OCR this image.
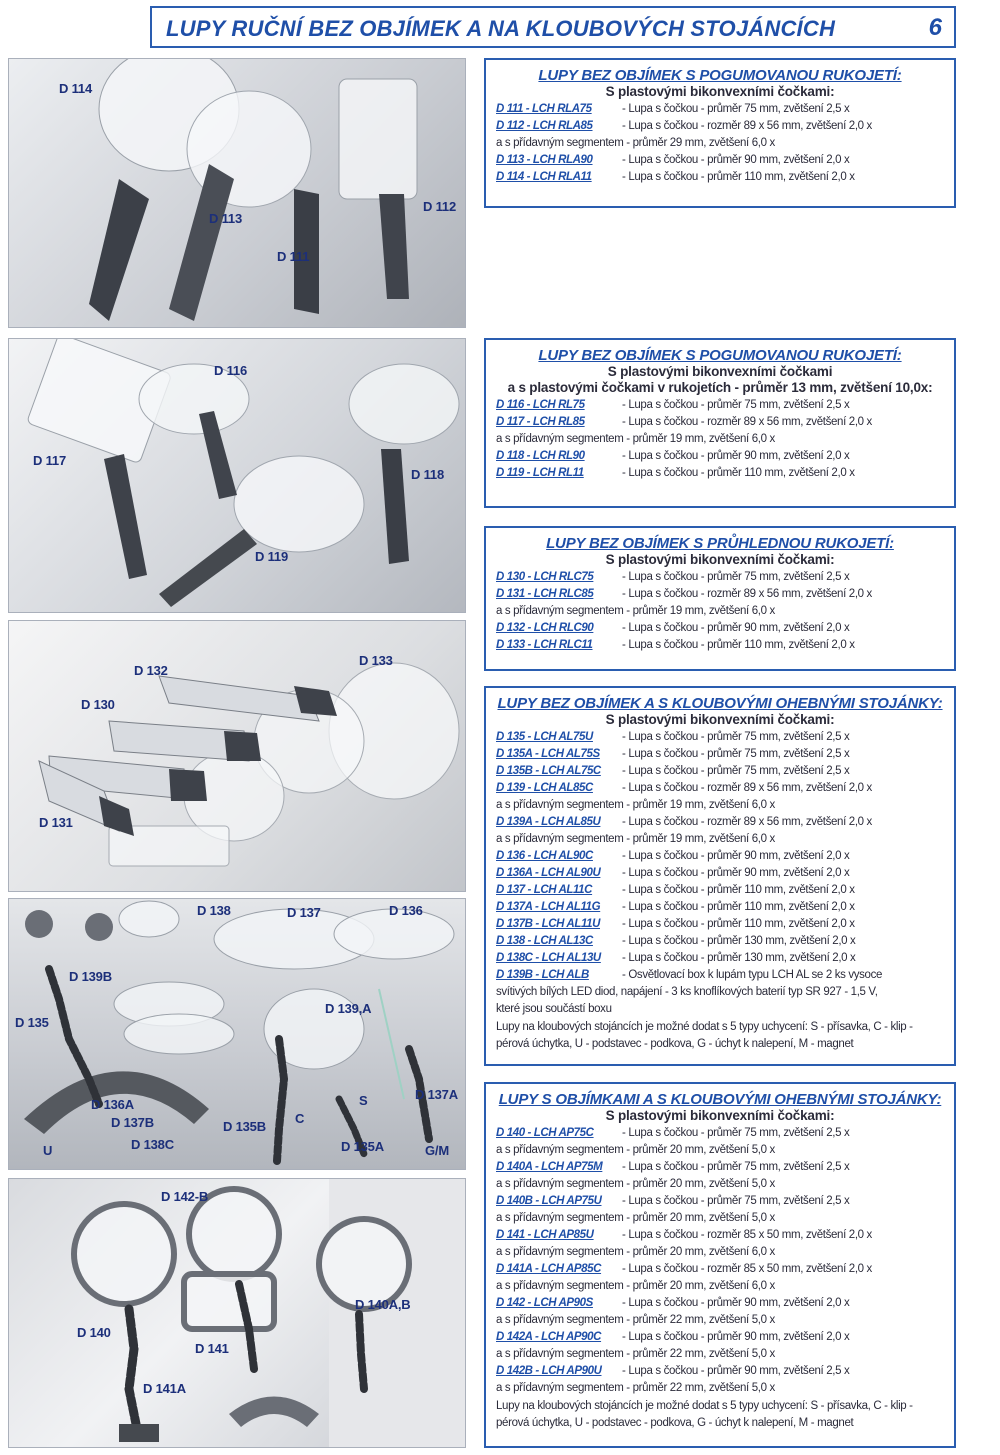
LUPY RUČNÍ BEZ OBJÍMEK A NA KLOUBOVÝCH STOJÁNCÍCH	6
D 114
D 113
D 111
D 112
D 116
D 117
D 118
D 119
D 132
D 133
D 130
D 131
D 138	D 137	D 136
D 139B
D 135
D 139,A
S	D 137A
D 136A
D 137B
D 138C
D 135B
C
D 135A	G/M
U
D 142-B
D 140A,B
D 140
D 141
D 141A
LUPY BEZ OBJÍMEK S POGUMOVANOU RUKOJETÍ:
S plastovými bikonvexními čočkami:
D 111 - LCH RLA75	- Lupa s čočkou - průměr 75 mm, zvětšení 2,5 x
D 112 - LCH RLA85	- Lupa s čočkou - rozměr 89 x 56 mm, zvětšení 2,0 x
a s přídavným segmentem - průměr 29 mm, zvětšení 6,0 x
D 113 - LCH RLA90	- Lupa s čočkou - průměr 90 mm, zvětšení 2,0 x
D 114 - LCH RLA11	- Lupa s čočkou - průměr 110 mm, zvětšení 2,0 x
LUPY BEZ OBJÍMEK S POGUMOVANOU RUKOJETÍ:
S plastovými bikonvexními čočkami
a s plastovými čočkami v rukojetích - průměr 13 mm, zvětšení 10,0x:
D 116 - LCH RL75	- Lupa s čočkou - průměr 75 mm, zvětšení 2,5 x
D 117 - LCH RL85	- Lupa s čočkou - rozměr 89 x 56 mm, zvětšení 2,0 x
a s přídavným segmentem - průměr 19 mm, zvětšení 6,0 x
D 118 - LCH RL90	- Lupa s čočkou - průměr 90 mm, zvětšení 2,0 x
D 119 - LCH RL11	- Lupa s čočkou - průměr 110 mm, zvětšení 2,0 x
LUPY BEZ OBJÍMEK S PRŮHLEDNOU RUKOJETÍ:
S plastovými bikonvexními čočkami:
D 130 - LCH RLC75 - Lupa s čočkou - průměr 75 mm, zvětšení 2,5 x
D 131 - LCH RLC85 - Lupa s čočkou - rozměr 89 x 56 mm, zvětšení 2,0 x
a s přídavným segmentem - průměr 19 mm, zvětšení 6,0 x
D 132 - LCH RLC90 - Lupa s čočkou - průměr 90 mm, zvětšení 2,0 x
D 133 - LCH RLC11	- Lupa s čočkou - průměr 110 mm, zvětšení 2,0 x
LUPY BEZ OBJÍMEK A S KLOUBOVÝMI OHEBNÝMI STOJÁNKY:
S plastovými bikonvexními čočkami:
D 135 - LCH AL75U	- Lupa s čočkou - průměr 75 mm, zvětšení 2,5 x
D 135A - LCH AL75S - Lupa s čočkou - průměr 75 mm, zvětšení 2,5 x
D 135B - LCH AL75C - Lupa s čočkou - průměr 75 mm, zvětšení 2,5 x
D 139 - LCH AL85C	- Lupa s čočkou - rozměr 89 x 56 mm, zvětšení 2,0 x
a s přídavným segmentem - průměr 19 mm, zvětšení 6,0 x
D 139A - LCH AL85U - Lupa s čočkou - rozměr 89 x 56 mm, zvětšení 2,0 x
a s přídavným segmentem - průměr 19 mm, zvětšení 6,0 x
D 136 - LCH AL90C	- Lupa s čočkou - průměr 90 mm, zvětšení 2,0 x
D 136A - LCH AL90U - Lupa s čočkou - průměr 90 mm, zvětšení 2,0 x
D 137 - LCH AL11C	- Lupa s čočkou - průměr 110 mm, zvětšení 2,0 x
D 137A - LCH AL11G - Lupa s čočkou - průměr 110 mm, zvětšení 2,0 x
D 137B - LCH AL11U - Lupa s čočkou - průměr 110 mm, zvětšení 2,0 x
D 138 - LCH AL13C	- Lupa s čočkou - průměr 130 mm, zvětšení 2,0 x
D 138C - LCH AL13U - Lupa s čočkou - průměr 130 mm, zvětšení 2,0 x
D 139B - LCH ALB	- Osvětlovací box k lupám typu LCH AL se 2 ks vysoce
svítivých bílých LED diod, napájení - 3 ks knoflíkových baterií typ SR 927 - 1,5 V,
které jsou součástí boxu
Lupy na kloubových stojáncích je možné dodat s 5 typy uchycení: S - přísavka, C - klip - pérová úchytka, U - podstavec - podkova, G - úchyt k nalepení, M - magnet
LUPY S OBJÍMKAMI A S KLOUBOVÝMI OHEBNÝMI STOJÁNKY:
S plastovými bikonvexními čočkami:
D 140 - LCH AP75C - Lupa s čočkou - průměr 75 mm, zvětšení 2,5 x
a s přídavným segmentem - průměr 20 mm, zvětšení 5,0 x
D 140A - LCH AP75M - Lupa s čočkou - průměr 75 mm, zvětšení 2,5 x
a s přídavným segmentem - průměr 20 mm, zvětšení 5,0 x
D 140B - LCH AP75U - Lupa s čočkou - průměr 75 mm, zvětšení 2,5 x
a s přídavným segmentem - průměr 20 mm, zvětšení 5,0 x
D 141 - LCH AP85U - Lupa s čočkou - rozměr 85 x 50 mm, zvětšení 2,0 x
a s přídavným segmentem - průměr 20 mm, zvětšení 6,0 x
D 141A - LCH AP85C - Lupa s čočkou - rozměr 85 x 50 mm, zvětšení 2,0 x
a s přídavným segmentem - průměr 20 mm, zvětšení 6,0 x
D 142 - LCH AP90S	- Lupa s čočkou - průměr 90 mm, zvětšení 2,0 x
a s přídavným segmentem - průměr 22 mm, zvětšení 5,0 x
D 142A - LCH AP90C - Lupa s čočkou - průměr 90 mm, zvětšení 2,0 x
a s přídavným segmentem - průměr 22 mm, zvětšení 5,0 x
D 142B - LCH AP90U - Lupa s čočkou - průměr 90 mm, zvětšení 2,5 x
a s přídavným segmentem - průměr 22 mm, zvětšení 5,0 x
Lupy na kloubových stojáncích je možné dodat s 5 typy uchycení: S - přísavka, C - klip - pérová úchytka, U - podstavec - podkova, G - úchyt k nalepení, M - magnet
